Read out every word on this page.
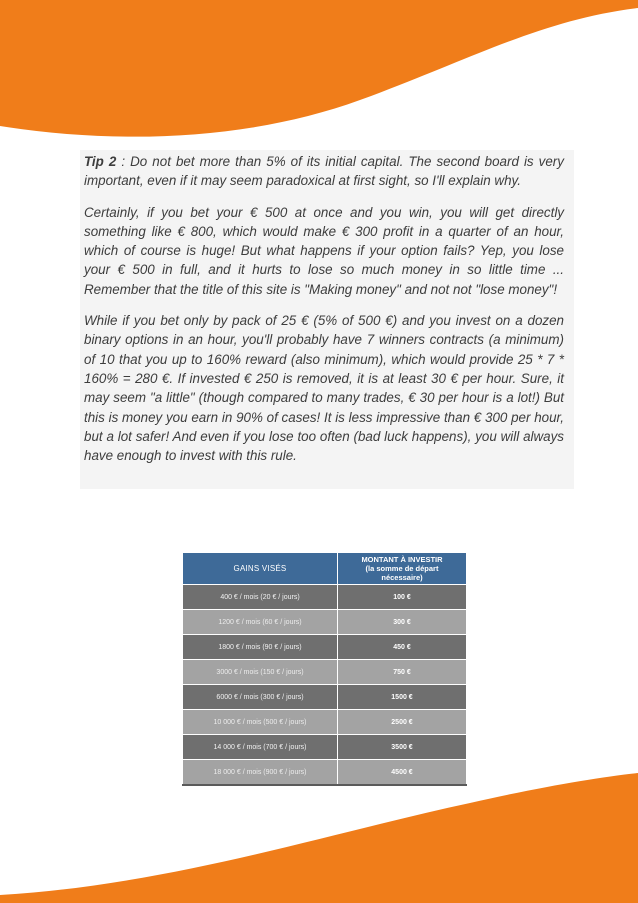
Tip 2 : Do not bet more than 5% of its initial capital. The second board is very important, even if it may seem paradoxical at first sight, so I'll explain why.

Certainly, if you bet your € 500 at once and you win, you will get directly something like € 800, which would make € 300 profit in a quarter of an hour, which of course is huge! But what happens if your option fails? Yep, you lose your € 500 in full, and it hurts to lose so much money in so little time ... Remember that the title of this site is "Making money" and not not "lose money"!

While if you bet only by pack of 25 € (5% of 500 €) and you invest on a dozen binary options in an hour, you'll probably have 7 winners contracts (a minimum) of 10 that you up to 160% reward (also minimum), which would provide 25 * 7 * 160% = 280 €. If invested € 250 is removed, it is at least 30 € per hour. Sure, it may seem "a little" (though compared to many trades, € 30 per hour is a lot!) But this is money you earn in 90% of cases! It is less impressive than € 300 per hour, but a lot safer! And even if you lose too often (bad luck happens), you will always have enough to invest with this rule.

GAINS VISÉS	MONTANT À INVESTIR
(la somme de départ
nécessaire)
400 € / mois (20 € / jours)	100 €
1200 € / mois (60 € / jours)	300 €
1800 € / mois (90 € / jours)	450 €
3000 € / mois (150 € / jours)	750 €
6000 € / mois (300 € / jours)	1500 €
10 000 € / mois (500 € / jours)	2500 €
14 000 € / mois (700 € / jours)	3500 €
18 000 € / mois (900 € / jours)	4500 €
